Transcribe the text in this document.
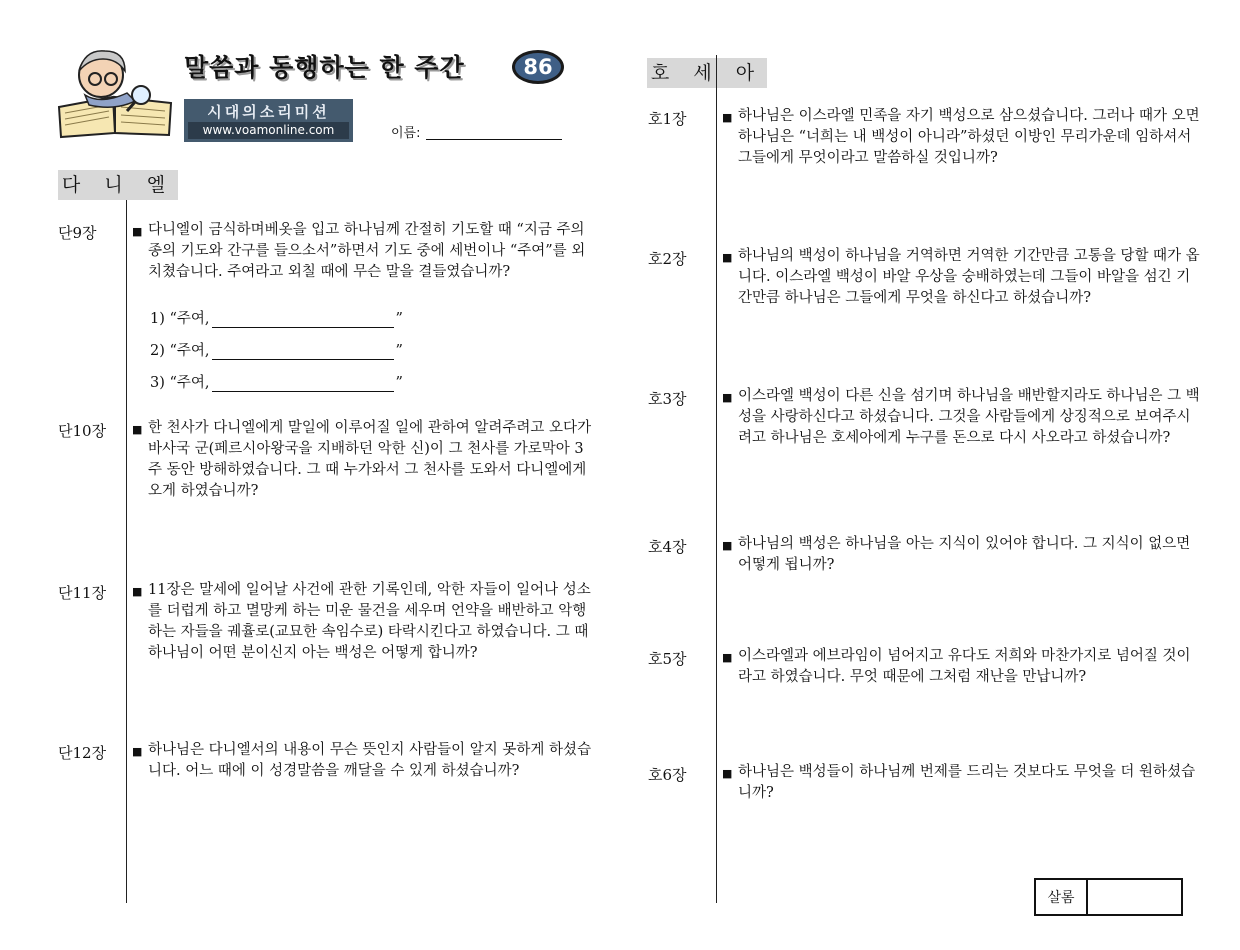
말씀과 동행하는 한 주간	86
시대의소리미션
www.voamonline.com	이름:
다 니 엘
단9장	■ 다니엘이 금식하며베옷을 입고 하나님께 간절히 기도할 때 “지금 주의 종의 기도와 간구를 들으소서”하면서 기도 중에 세번이나 “주여”를 외치쳤습니다. 주여라고 외칠 때에 무슨 말을 결들였습니까?
1) “주여,	”
2) “주여,	”
3) “주여,	”
단10장 ■ 한 천사가 다니엘에게 말일에 이루어질 일에 관하여 알려주려고 오다가 바사국 군(페르시아왕국을 지배하던 악한 신)이 그 천사를 가로막아 3주 동안 방해하였습니다. 그 때 누가와서 그 천사를 도와서 다니엘에게 오게 하였습니까?
단11장 ■ 11장은 말세에 일어날 사건에 관한 기록인데, 악한 자들이 일어나 성소를 더럽게 하고 멸망케 하는 미운 물건을 세우며 언약을 배반하고 악행하는 자들을 궤휼로(교묘한 속임수로) 타락시킨다고 하였습니다. 그 때 하나님이 어떤 분이신지 아는 백성은 어떻게 합니까?
단12장 ■ 하나님은 다니엘서의 내용이 무슨 뜻인지 사람들이 알지 못하게 하셨습니다. 어느 때에 이 성경말씀을 깨달을 수 있게 하셨습니까?
호 세 아
호1장	■ 하나님은 이스라엘 민족을 자기 백성으로 삼으셨습니다. 그러나 때가 오면 하나님은 “너희는 내 백성이 아니라”하셨던 이방인 무리가운데 임하셔서 그들에게 무엇이라고 말씀하실 것입니까?
호2장	■ 하나님의 백성이 하나님을 거역하면 거역한 기간만큼 고통을 당할 때가 옵니다. 이스라엘 백성이 바알 우상을 숭배하였는데 그들이 바알을 섬긴 기간만큼 하나님은 그들에게 무엇을 하신다고 하셨습니까?
호3장	■ 이스라엘 백성이 다른 신을 섬기며 하나님을 배반할지라도 하나님은 그 백성을 사랑하신다고 하셨습니다. 그것을 사람들에게 상징적으로 보여주시려고 하나님은 호세아에게 누구를 돈으로 다시 사오라고 하셨습니까?
호4장	■ 하나님의 백성은 하나님을 아는 지식이 있어야 합니다. 그 지식이 없으면 어떻게 됩니까?
호5장	■ 이스라엘과 에브라임이 넘어지고 유다도 저희와 마찬가지로 넘어질 것이라고 하였습니다. 무엇 때문에 그처럼 재난을 만납니까?
호6장	■ 하나님은 백성들이 하나님께 번제를 드리는 것보다도 무엇을 더 원하셨습니까?
살롬
